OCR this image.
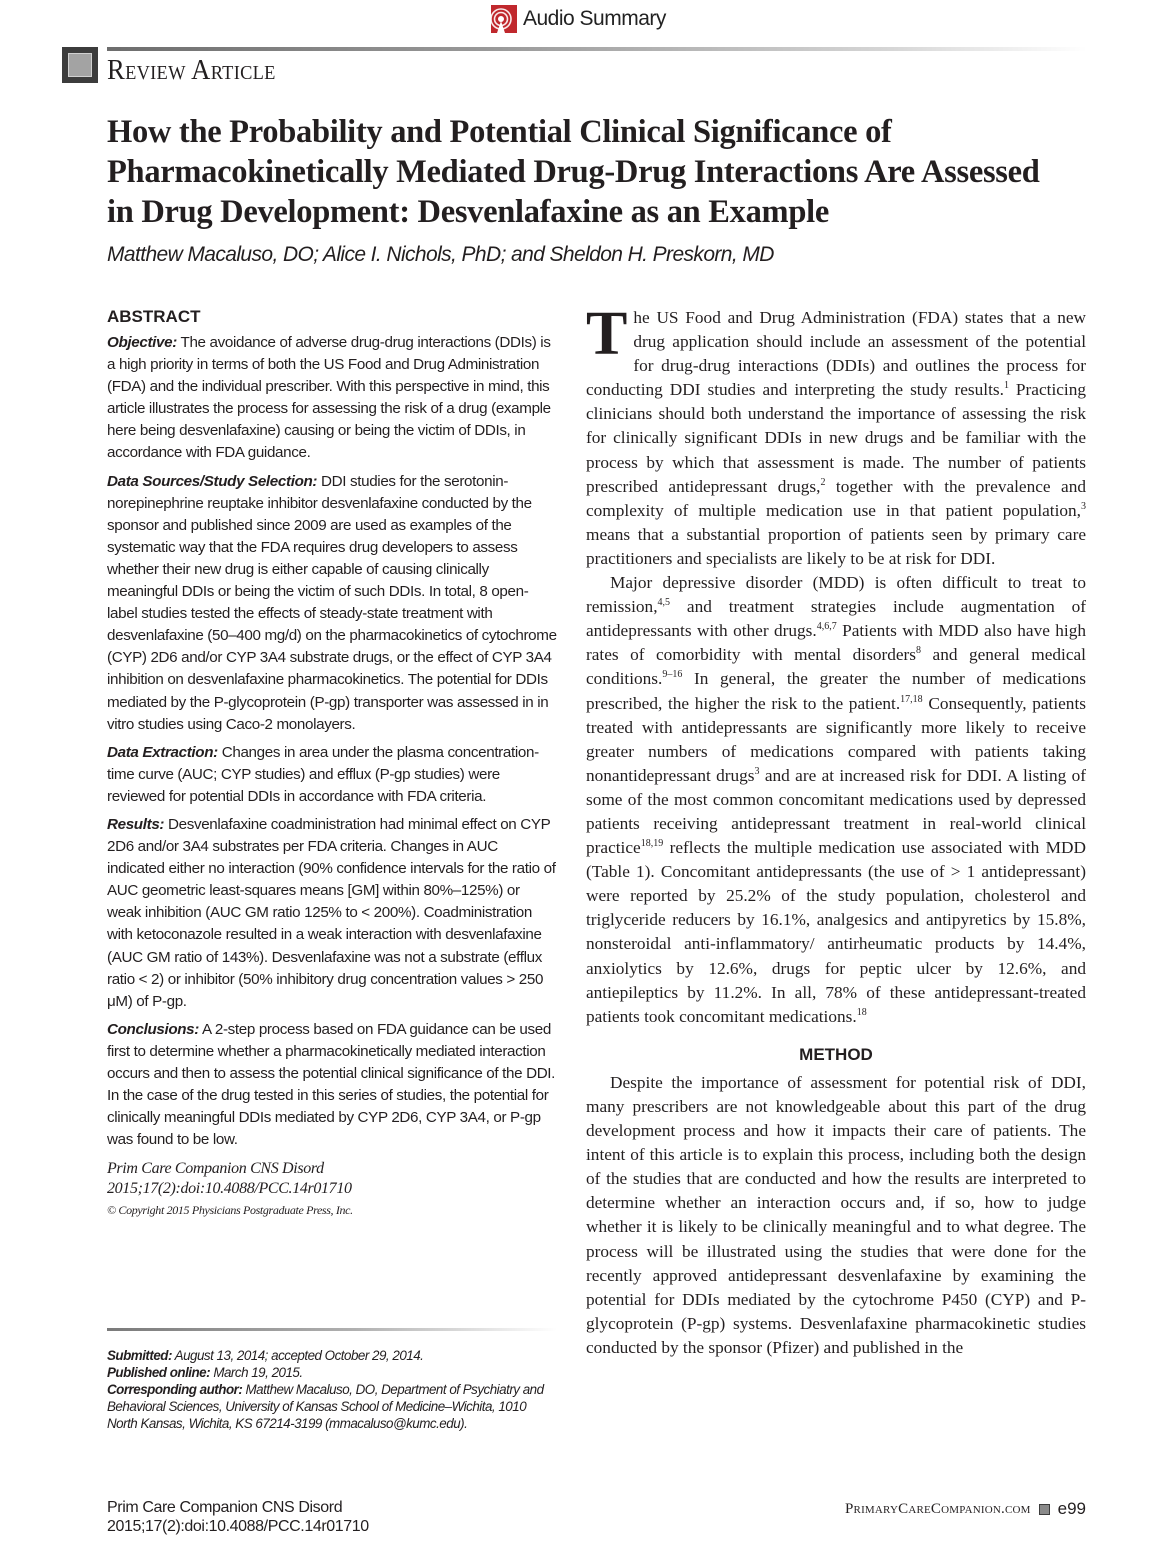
Audio Summary
Review Article
How the Probability and Potential Clinical Significance of Pharmacokinetically Mediated Drug-Drug Interactions Are Assessed in Drug Development: Desvenlafaxine as an Example
Matthew Macaluso, DO; Alice I. Nichols, PhD; and Sheldon H. Preskorn, MD
ABSTRACT

Objective: The avoidance of adverse drug-drug interactions (DDIs) is a high priority in terms of both the US Food and Drug Administration (FDA) and the individual prescriber. With this perspective in mind, this article illustrates the process for assessing the risk of a drug (example here being desvenlafaxine) causing or being the victim of DDIs, in accordance with FDA guidance.

Data Sources/Study Selection: DDI studies for the serotonin-norepinephrine reuptake inhibitor desvenlafaxine conducted by the sponsor and published since 2009 are used as examples of the systematic way that the FDA requires drug developers to assess whether their new drug is either capable of causing clinically meaningful DDIs or being the victim of such DDIs. In total, 8 open-label studies tested the effects of steady-state treatment with desvenlafaxine (50–400 mg/d) on the pharmacokinetics of cytochrome (CYP) 2D6 and/or CYP 3A4 substrate drugs, or the effect of CYP 3A4 inhibition on desvenlafaxine pharmacokinetics. The potential for DDIs mediated by the P-glycoprotein (P-gp) transporter was assessed in in vitro studies using Caco-2 monolayers.

Data Extraction: Changes in area under the plasma concentration-time curve (AUC; CYP studies) and efflux (P-gp studies) were reviewed for potential DDIs in accordance with FDA criteria.

Results: Desvenlafaxine coadministration had minimal effect on CYP 2D6 and/or 3A4 substrates per FDA criteria. Changes in AUC indicated either no interaction (90% confidence intervals for the ratio of AUC geometric least-squares means [GM] within 80%–125%) or weak inhibition (AUC GM ratio 125% to < 200%). Coadministration with ketoconazole resulted in a weak interaction with desvenlafaxine (AUC GM ratio of 143%). Desvenlafaxine was not a substrate (efflux ratio < 2) or inhibitor (50% inhibitory drug concentration values > 250 μM) of P-gp.

Conclusions: A 2-step process based on FDA guidance can be used first to determine whether a pharmacokinetically mediated interaction occurs and then to assess the potential clinical significance of the DDI. In the case of the drug tested in this series of studies, the potential for clinically meaningful DDIs mediated by CYP 2D6, CYP 3A4, or P-gp was found to be low.

Prim Care Companion CNS Disord
2015;17(2):doi:10.4088/PCC.14r01710
© Copyright 2015 Physicians Postgraduate Press, Inc.
Submitted: August 13, 2014; accepted October 29, 2014.
Published online: March 19, 2015.
Corresponding author: Matthew Macaluso, DO, Department of Psychiatry and Behavioral Sciences, University of Kansas School of Medicine–Wichita, 1010 North Kansas, Wichita, KS 67214-3199 (mmacaluso@kumc.edu).

The US Food and Drug Administration (FDA) states that a new drug application should include an assessment of the potential for drug-drug interactions (DDIs) and outlines the process for conducting DDI studies and interpreting the study results.$^1$ Practicing clinicians should both understand the importance of assessing the risk for clinically significant DDIs in new drugs and be familiar with the process by which that assessment is made. The number of patients prescribed antidepressant drugs,$^2$ together with the prevalence and complexity of multiple medication use in that patient population,$^3$ means that a substantial proportion of patients seen by primary care practitioners and specialists are likely to be at risk for DDI.

Major depressive disorder (MDD) is often difficult to treat to remission,$^{4,5}$ and treatment strategies include augmentation of antidepressants with other drugs.$^{4,6,7}$ Patients with MDD also have high rates of comorbidity with mental disorders$^8$ and general medical conditions.$^{9-16}$ In general, the greater the number of medications prescribed, the higher the risk to the patient.$^{17,18}$ Consequently, patients treated with antidepressants are significantly more likely to receive greater numbers of medications compared with patients taking nonantidepressant drugs$^3$ and are at increased risk for DDI. A listing of some of the most common concomitant medications used by depressed patients receiving antidepressant treatment in real-world clinical practice$^{18,19}$ reflects the multiple medication use associated with MDD (Table 1). Concomitant antidepressants (the use of > 1 antidepressant) were reported by 25.2% of the study population, cholesterol and triglyceride reducers by 16.1%, analgesics and antipyretics by 15.8%, nonsteroidal anti-inflammatory/ antirheumatic products by 14.4%, anxiolytics by 12.6%, drugs for peptic ulcer by 12.6%, and antiepileptics by 11.2%. In all, 78% of these antidepressant-treated patients took concomitant medications.$^{18}$

METHOD

Despite the importance of assessment for potential risk of DDI, many prescribers are not knowledgeable about this part of the drug development process and how it impacts their care of patients. The intent of this article is to explain this process, including both the design of the studies that are conducted and how the results are interpreted to determine whether an interaction occurs and, if so, how to judge whether it is likely to be clinically meaningful and to what degree. The process will be illustrated using the studies that were done for the recently approved antidepressant desvenlafaxine by examining the potential for DDIs mediated by the cytochrome P450 (CYP) and P-glycoprotein (P-gp) systems. Desvenlafaxine pharmacokinetic studies conducted by the sponsor (Pfizer) and published in the

Prim Care Companion CNS Disord
2015;17(2):doi:10.4088/PCC.14r01710
PrimaryCareCompanion.com e99
